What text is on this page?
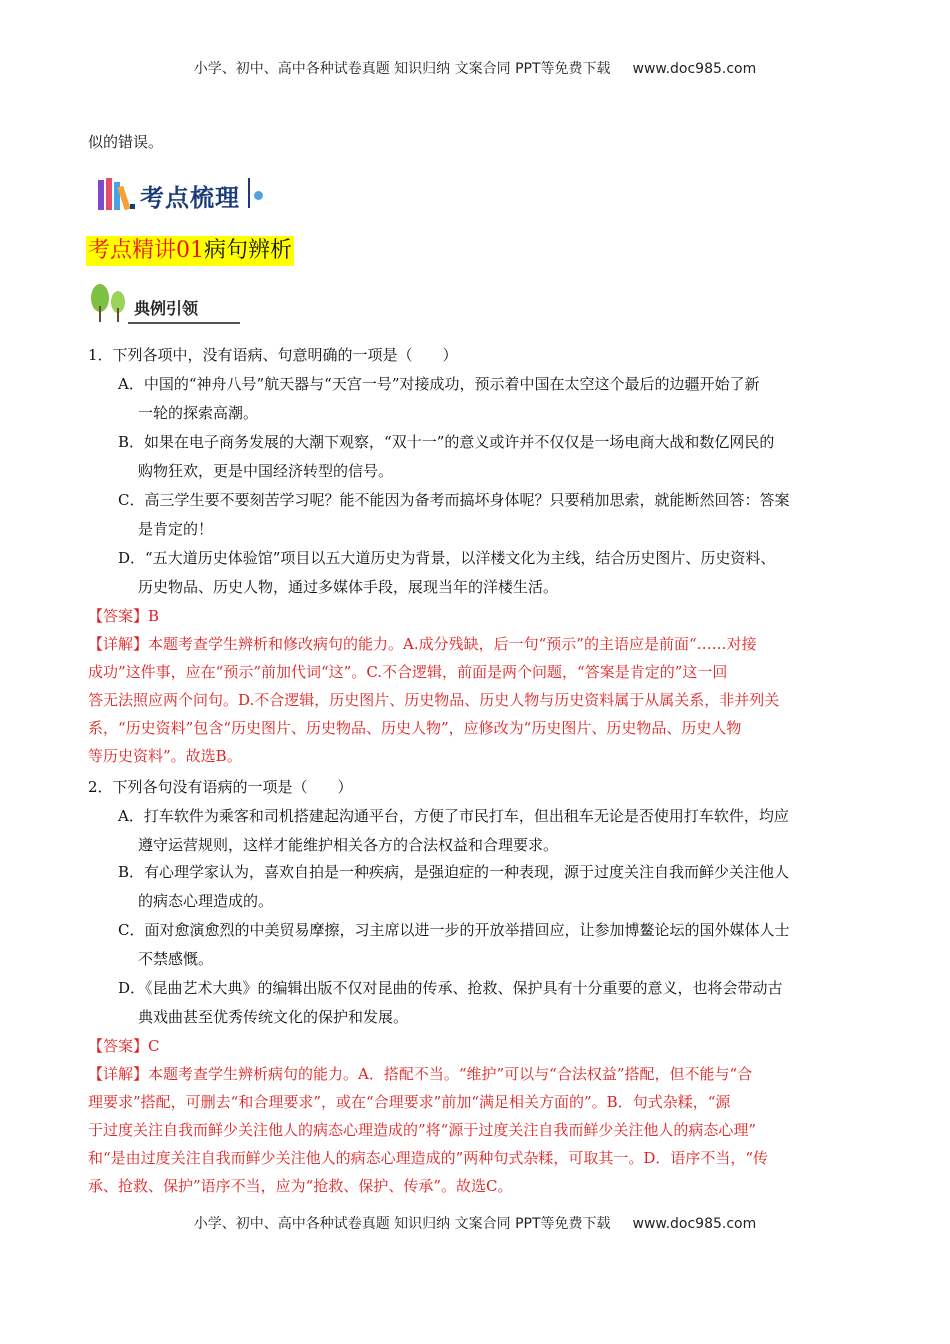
小学、初中、高中各种试卷真题 知识归纳 文案合同 PPT等免费下载 www.doc985.com
似的错误。
考点梳理
考点精讲01病句辨析
典例引领
1．下列各项中，没有语病、句意明确的一项是（　　）
A．中国的“神舟八号”航天器与“天宫一号”对接成功，预示着中国在太空这个最后的边疆开始了新
一轮的探索高潮。
B．如果在电子商务发展的大潮下观察，“双十一”的意义或许并不仅仅是一场电商大战和数亿网民的
购物狂欢，更是中国经济转型的信号。
C．高三学生要不要刻苦学习呢？能不能因为备考而搞坏身体呢？只要稍加思索，就能断然回答：答案
是肯定的！
D．“五大道历史体验馆”项目以五大道历史为背景，以洋楼文化为主线，结合历史图片、历史资料、
历史物品、历史人物，通过多媒体手段，展现当年的洋楼生活。
【答案】B
【详解】本题考查学生辨析和修改病句的能力。A.成分残缺，后一句“预示”的主语应是前面“……对接
成功”这件事，应在“预示”前加代词“这”。C.不合逻辑，前面是两个问题，“答案是肯定的”这一回
答无法照应两个问句。D.不合逻辑，历史图片、历史物品、历史人物与历史资料属于从属关系，非并列关
系，“历史资料”包含“历史图片、历史物品、历史人物”，应修改为“历史图片、历史物品、历史人物
等历史资料”。故选B。
2．下列各句没有语病的一项是（　　）
A．打车软件为乘客和司机搭建起沟通平台，方便了市民打车，但出租车无论是否使用打车软件，均应
遵守运营规则，这样才能维护相关各方的合法权益和合理要求。
B．有心理学家认为，喜欢自拍是一种疾病，是强迫症的一种表现，源于过度关注自我而鲜少关注他人
的病态心理造成的。
C．面对愈演愈烈的中美贸易摩擦，习主席以进一步的开放举措回应，让参加博鳌论坛的国外媒体人士
不禁感慨。
D．《昆曲艺术大典》的编辑出版不仅对昆曲的传承、抢救、保护具有十分重要的意义，也将会带动古
典戏曲甚至优秀传统文化的保护和发展。
【答案】C
【详解】本题考查学生辨析病句的能力。A．搭配不当。“维护”可以与“合法权益”搭配，但不能与“合
理要求”搭配，可删去“和合理要求”，或在“合理要求”前加“满足相关方面的”。B．句式杂糅，“源
于过度关注自我而鲜少关注他人的病态心理造成的”将“源于过度关注自我而鲜少关注他人的病态心理”
和“是由过度关注自我而鲜少关注他人的病态心理造成的”两种句式杂糅，可取其一。D．语序不当，“传
承、抢救、保护”语序不当，应为“抢救、保护、传承”。故选C。
小学、初中、高中各种试卷真题 知识归纳 文案合同 PPT等免费下载 www.doc985.com
